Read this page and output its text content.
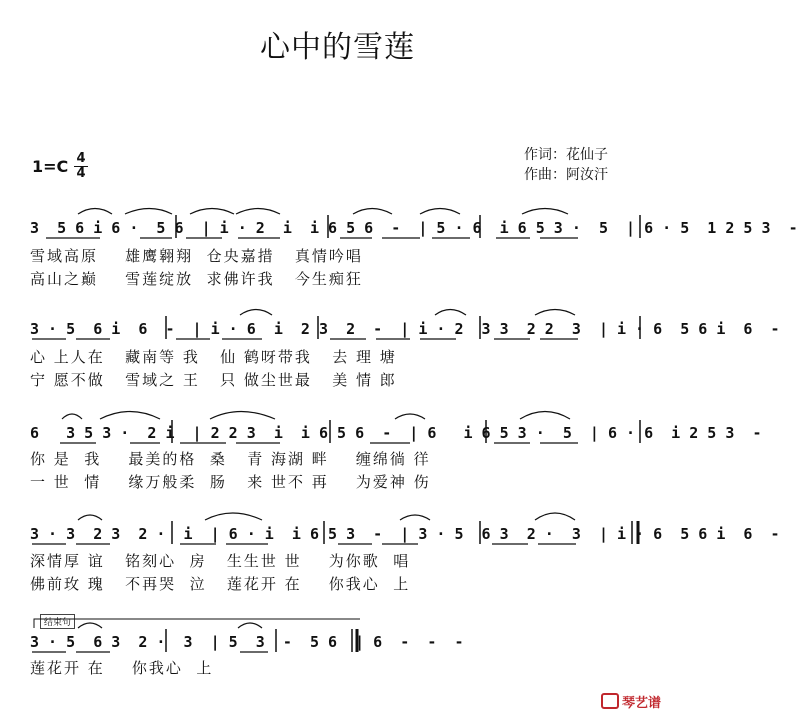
心中的雪莲
1=C 4
4
作词：花仙子
作曲：阿汝汗
3  5 6 i 6 ·  5 6  | i · 2  i  i 6 5 6  -  | 5 · 6  i 6 5 3 ·  5  | 6 · 5  1 2 5 3  -
雪域高原    雄鹰翱翔  仓央嘉措   真情吟唱
高山之巅    雪莲绽放  求佛许我   今生痴狂
3 · 5  6 i  6  -  | i · 6  i  2 3  2  -  | i · 2  3 3  2 2  3  | i · 6  5 6 i  6  -
心 上人在   藏南等 我   仙 鹤呀带我   去 理 塘
宁 愿不做   雪域之 王   只 做尘世最   美 情 郎
6   3 5 3 ·  2 i  | 2 2 3  i  i 6 5 6  -  | 6   i 6 5 3 ·  5  | 6 · 6  i 2 5 3  -
你 是  我    最美的格  桑   青 海湖 畔    缠绵徜 徉
一 世  情    缘万般柔  肠   来 世不 再    为爱神 伤
3 · 3  2 3  2 ·  i  | 6 · i  i 6 5 3  -  | 3 · 5  6 3  2 ·  3  | i · 6  5 6 i  6  -
深情厚 谊   铭刻心  房   生生世 世    为你歌  唱
佛前玫 瑰   不再哭  泣   莲花开 在    你我心  上
结束句
3 · 5  6 3  2 ·  3  | 5  3  -  5 6  | 6  -  -  -
莲花开 在    你我心  上
琴艺谱
